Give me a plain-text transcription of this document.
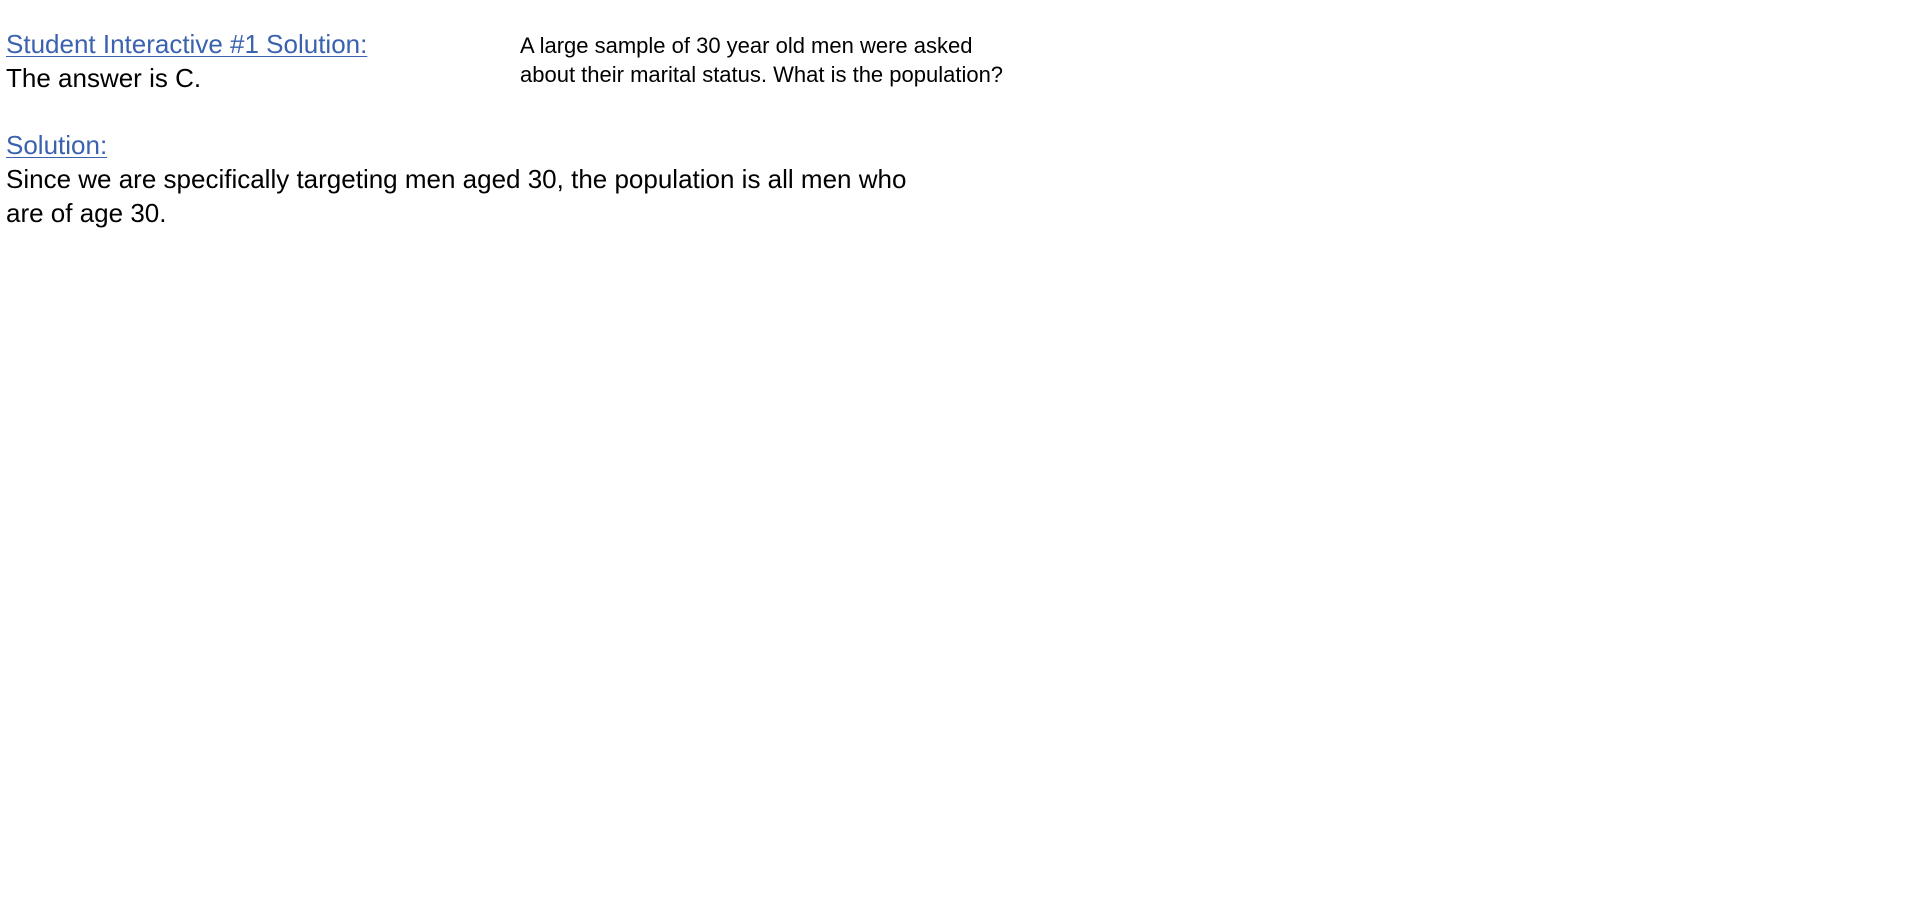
Student Interactive #1 Solution:

The answer is C.

Solution:

Since we are specifically targeting men aged 30, the population is all men who
are of age 30.

A large sample of 30 year old men were asked
about their marital status. What is the population?
